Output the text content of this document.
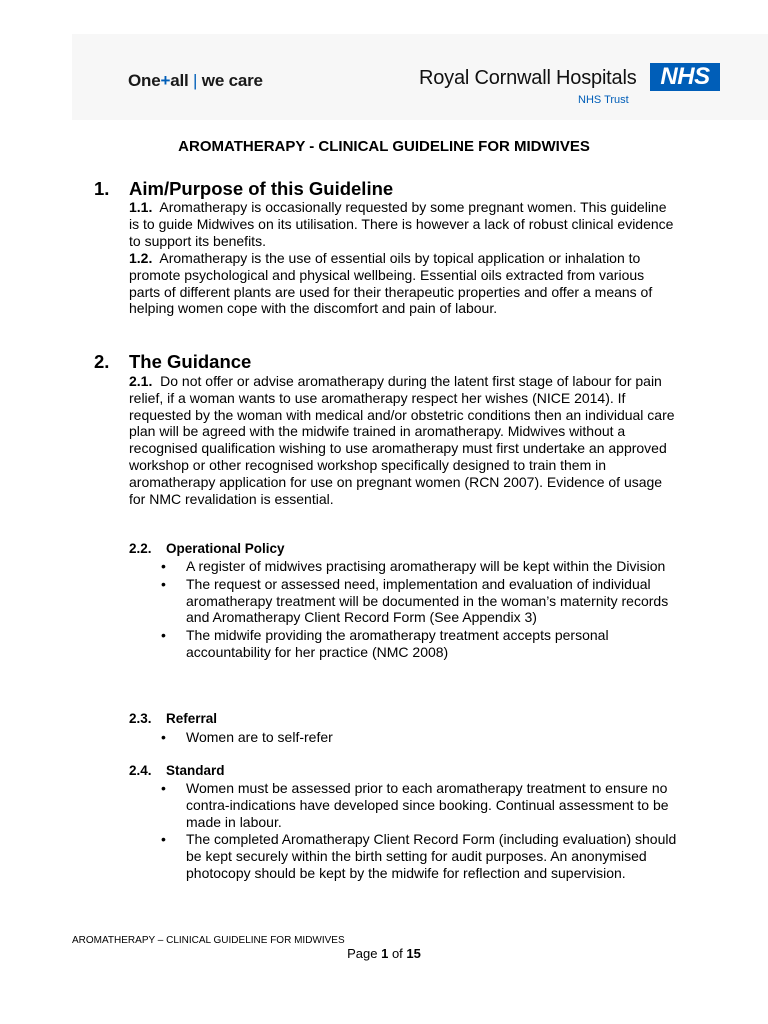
One+all | we care	Royal Cornwall Hospitals
NHS Trust
NHS
AROMATHERAPY - CLINICAL GUIDELINE FOR MIDWIVES
1. Aim/Purpose of this Guideline
1.1. Aromatherapy is occasionally requested by some pregnant women. This guideline is to guide Midwives on its utilisation. There is however a lack of robust clinical evidence to support its benefits.
1.2. Aromatherapy is the use of essential oils by topical application or inhalation to promote psychological and physical wellbeing. Essential oils extracted from various parts of different plants are used for their therapeutic properties and offer a means of helping women cope with the discomfort and pain of labour.
2. The Guidance
2.1. Do not offer or advise aromatherapy during the latent first stage of labour for pain relief, if a woman wants to use aromatherapy respect her wishes (NICE 2014). If requested by the woman with medical and/or obstetric conditions then an individual care plan will be agreed with the midwife trained in aromatherapy. Midwives without a recognised qualification wishing to use aromatherapy must first undertake an approved workshop or other recognised workshop specifically designed to train them in aromatherapy application for use on pregnant women (RCN 2007). Evidence of usage for NMC revalidation is essential.
2.2. Operational Policy
• A register of midwives practising aromatherapy will be kept within the Division
• The request or assessed need, implementation and evaluation of individual aromatherapy treatment will be documented in the woman’s maternity records and Aromatherapy Client Record Form (See Appendix 3)
• The midwife providing the aromatherapy treatment accepts personal accountability for her practice (NMC 2008)
2.3. Referral
• Women are to self-refer
2.4. Standard
• Women must be assessed prior to each aromatherapy treatment to ensure no contra-indications have developed since booking. Continual assessment to be made in labour.
• The completed Aromatherapy Client Record Form (including evaluation) should be kept securely within the birth setting for audit purposes. An anonymised photocopy should be kept by the midwife for reflection and supervision.
AROMATHERAPY – CLINICAL GUIDELINE FOR MIDWIVES
Page 1 of 15
